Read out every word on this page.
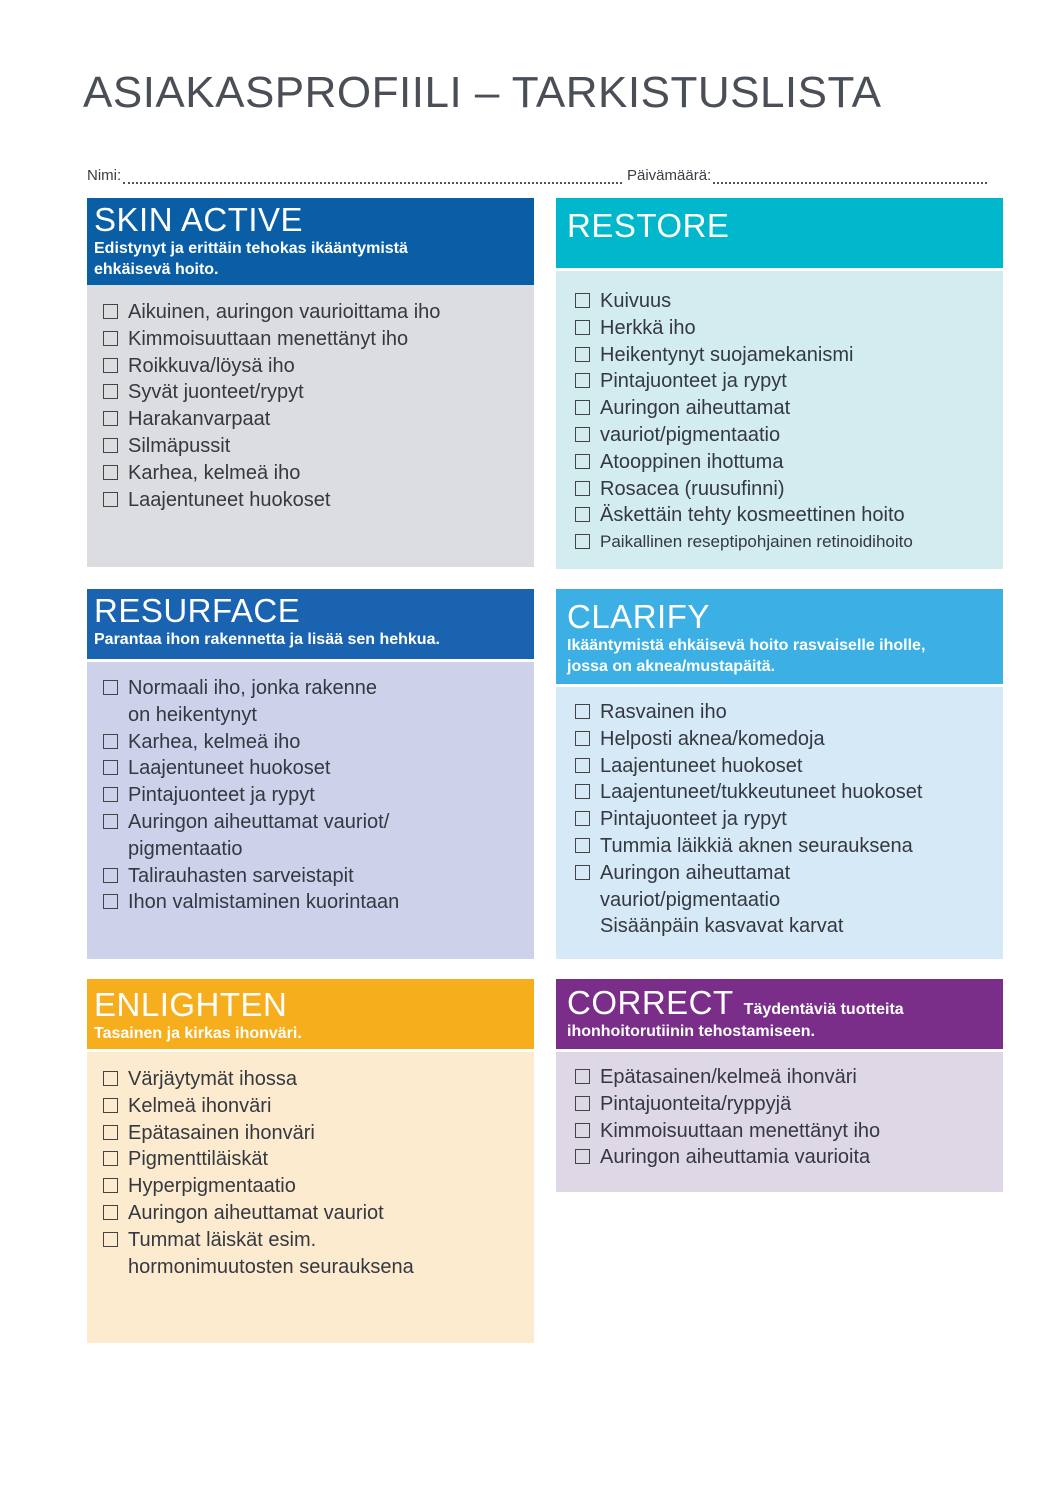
ASIAKASPROFIILI – TARKISTUSLISTA
Nimi:	Päivämäärä:
SKIN ACTIVE
Edistynyt ja erittäin tehokas ikääntymistä
ehkäisevä hoito.
Aikuinen, auringon vaurioittama iho
Kimmoisuuttaan menettänyt iho
Roikkuva/löysä iho
Syvät juonteet/rypyt
Harakanvarpaat
Silmäpussit
Karhea, kelmeä iho
Laajentuneet huokoset
RESTORE
Kuivuus
Herkkä iho
Heikentynyt suojamekanismi
Pintajuonteet ja rypyt
Auringon aiheuttamat
vauriot/pigmentaatio
Atooppinen ihottuma
Rosacea (ruusufinni)
Äskettäin tehty kosmeettinen hoito
Paikallinen reseptipohjainen retinoidihoito
RESURFACE
Parantaa ihon rakennetta ja lisää sen hehkua.
Normaali iho, jonka rakenne
on heikentynyt
Karhea, kelmeä iho
Laajentuneet huokoset
Pintajuonteet ja rypyt
Auringon aiheuttamat vauriot/
pigmentaatio
Talirauhasten sarveistapit
Ihon valmistaminen kuorintaan
CLARIFY
Ikääntymistä ehkäisevä hoito rasvaiselle iholle,
jossa on aknea/mustapäitä.
Rasvainen iho
Helposti aknea/komedoja
Laajentuneet huokoset
Laajentuneet/tukkeutuneet huokoset
Pintajuonteet ja rypyt
Tummia läikkiä aknen seurauksena
Auringon aiheuttamat
vauriot/pigmentaatio
Sisäänpäin kasvavat karvat
ENLIGHTEN
Tasainen ja kirkas ihonväri.
Värjäytymät ihossa
Kelmeä ihonväri
Epätasainen ihonväri
Pigmenttiläiskät
Hyperpigmentaatio
Auringon aiheuttamat vauriot
Tummat läiskät esim.
hormonimuutosten seurauksena
CORRECT Täydentäviä tuotteita
ihonhoitorutiinin tehostamiseen.
Epätasainen/kelmeä ihonväri
Pintajuonteita/ryppyjä
Kimmoisuuttaan menettänyt iho
Auringon aiheuttamia vaurioita
